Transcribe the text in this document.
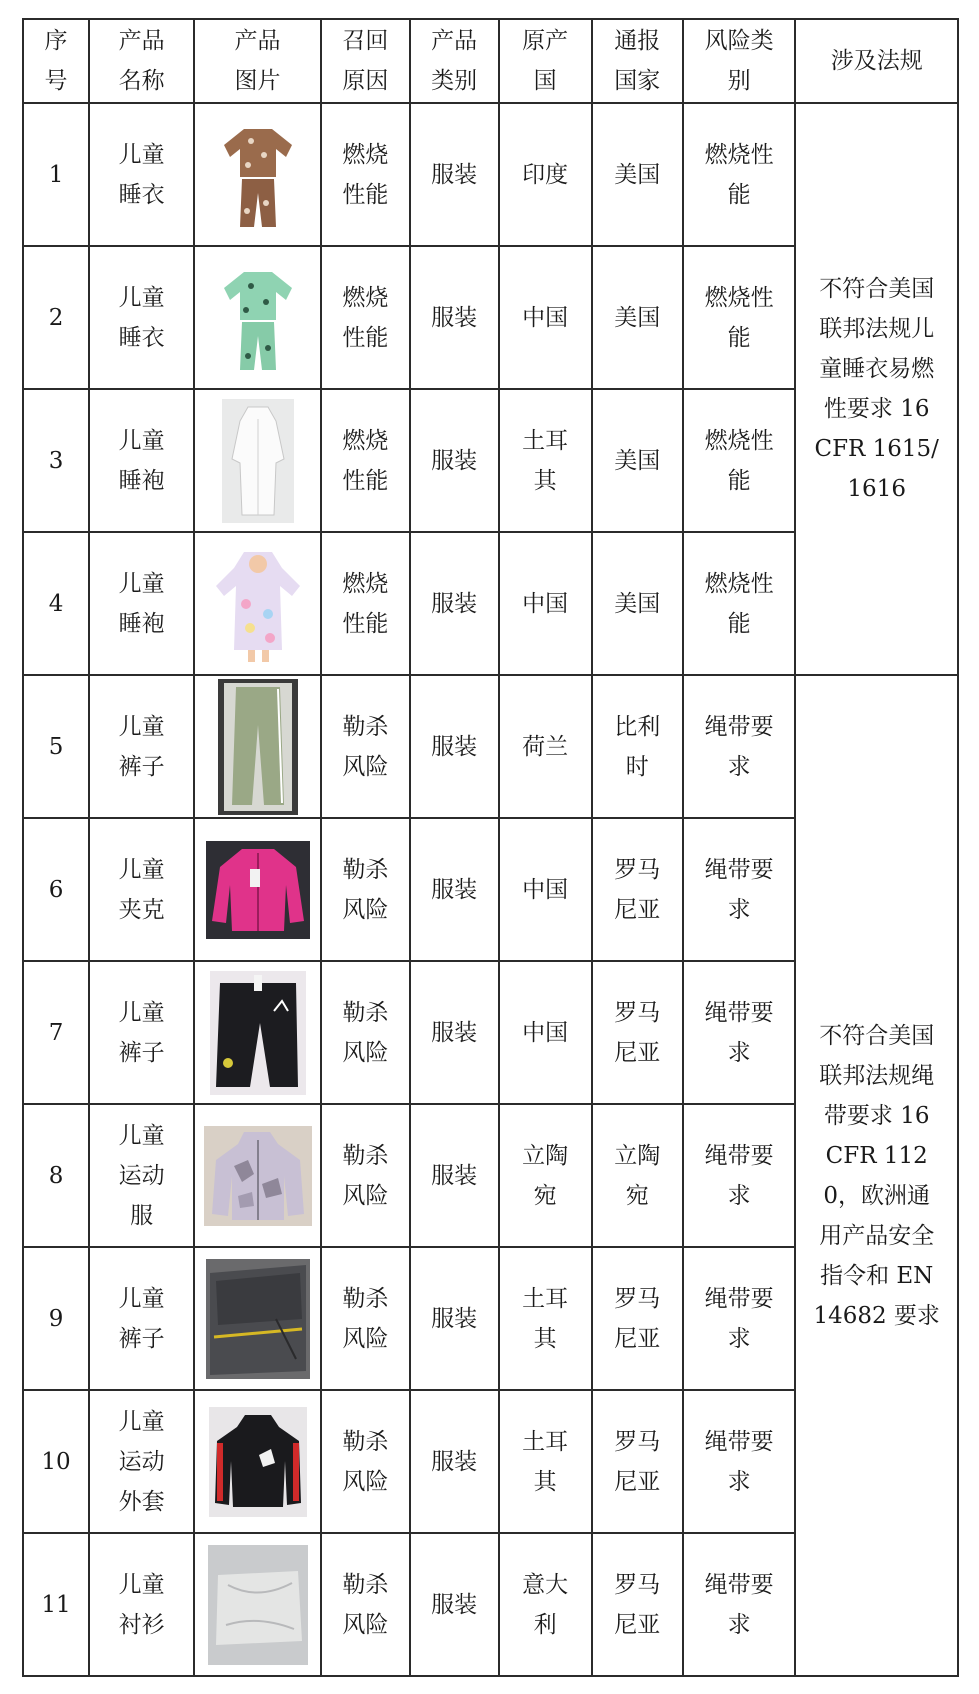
序号	产品名称	产品图片	召回原因	产品类别	原产国	通报国家	风险类别	涉及法规

1	儿童睡衣		燃烧性能	服装	印度	美国	燃烧性能	不符合美国联邦法规儿童睡衣易燃性要求 16 CFR 1615/1616

2	儿童睡衣		燃烧性能	服装	中国	美国	燃烧性能	

3	儿童睡袍		燃烧性能	服装	土耳其	美国	燃烧性能	

4	儿童睡袍		燃烧性能	服装	中国	美国	燃烧性能	

5	儿童裤子		勒杀风险	服装	荷兰	比利时	绳带要求	不符合美国联邦法规绳带要求 16 CFR 1120，欧洲通用产品安全指令和 EN 14682 要求

6	儿童夹克		勒杀风险	服装	中国	罗马尼亚	绳带要求	

7	儿童裤子		勒杀风险	服装	中国	罗马尼亚	绳带要求	

8	儿童运动服		勒杀风险	服装	立陶宛	立陶宛	绳带要求	

9	儿童裤子		勒杀风险	服装	土耳其	罗马尼亚	绳带要求	

10	儿童运动外套		勒杀风险	服装	土耳其	罗马尼亚	绳带要求	

11	儿童衬衫		勒杀风险	服装	意大利	罗马尼亚	绳带要求	
